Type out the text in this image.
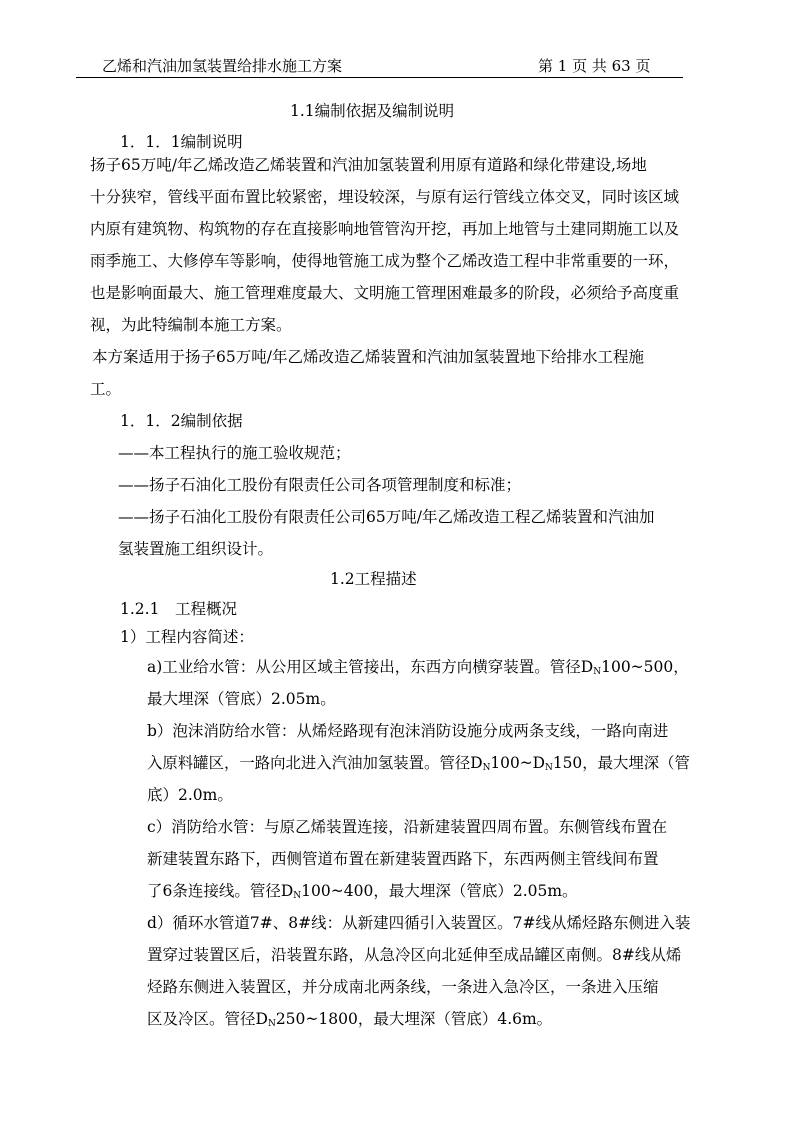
乙烯和汽油加氢装置给排水施工方案	第 1 页 共 63 页
1.1编制依据及编制说明
1．1．1编制说明
扬子65万吨/年乙烯改造乙烯装置和汽油加氢装置利用原有道路和绿化带建设,场地
十分狭窄，管线平面布置比较紧密，埋设较深，与原有运行管线立体交叉，同时该区域
内原有建筑物、构筑物的存在直接影响地管管沟开挖，再加上地管与土建同期施工以及
雨季施工、大修停车等影响，使得地管施工成为整个乙烯改造工程中非常重要的一环，
也是影响面最大、施工管理难度最大、文明施工管理困难最多的阶段，必须给予高度重
视，为此特编制本施工方案。
本方案适用于扬子65万吨/年乙烯改造乙烯装置和汽油加氢装置地下给排水工程施
工。
1．1．2编制依据
——本工程执行的施工验收规范；
——扬子石油化工股份有限责任公司各项管理制度和标准；
——扬子石油化工股份有限责任公司65万吨/年乙烯改造工程乙烯装置和汽油加
氢装置施工组织设计。
1.2工程描述
1.2.1　工程概况
1）工程内容简述：
a)工业给水管：从公用区域主管接出，东西方向横穿装置。管径$D_N100\sim 500$，
最大埋深（管底）2.05m。
b）泡沫消防给水管：从烯烃路现有泡沫消防设施分成两条支线，一路向南进
入原料罐区，一路向北进入汽油加氢装置。管径$D_N100\sim D_N150$，最大埋深（管
底）2.0m。
c）消防给水管：与原乙烯装置连接，沿新建装置四周布置。东侧管线布置在
新建装置东路下，西侧管道布置在新建装置西路下，东西两侧主管线间布置
了6条连接线。管径$D_N100\sim 400$，最大埋深（管底）2.05m。
d）循环水管道7#、8#线：从新建四循引入装置区。7#线从烯烃路东侧进入装
置穿过装置区后，沿装置东路，从急冷区向北延伸至成品罐区南侧。8#线从烯
烃路东侧进入装置区，并分成南北两条线，一条进入急冷区，一条进入压缩
区及冷区。管径$D_N250\sim 1800$，最大埋深（管底）4.6m。
